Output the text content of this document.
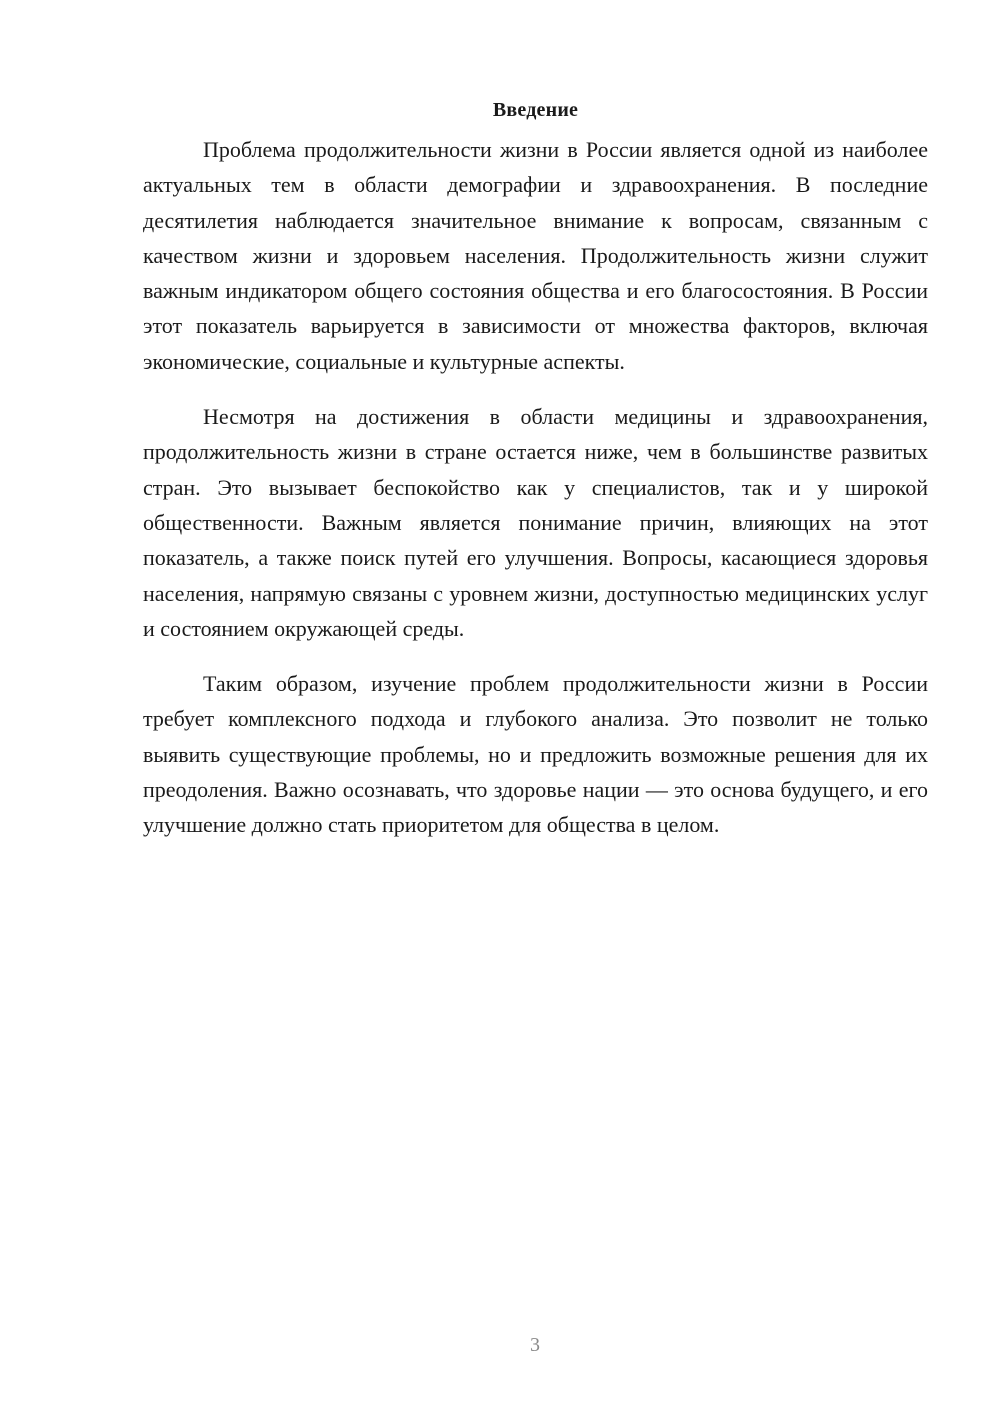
Введение

Проблема продолжительности жизни в России является одной из наиболее актуальных тем в области демографии и здравоохранения. В последние десятилетия наблюдается значительное внимание к вопросам, связанным с качеством жизни и здоровьем населения. Продолжительность жизни служит важным индикатором общего состояния общества и его благосостояния. В России этот показатель варьируется в зависимости от множества факторов, включая экономические, социальные и культурные аспекты.

Несмотря на достижения в области медицины и здравоохранения, продолжительность жизни в стране остается ниже, чем в большинстве развитых стран. Это вызывает беспокойство как у специалистов, так и у широкой общественности. Важным является понимание причин, влияющих на этот показатель, а также поиск путей его улучшения. Вопросы, касающиеся здоровья населения, напрямую связаны с уровнем жизни, доступностью медицинских услуг и состоянием окружающей среды.

Таким образом, изучение проблем продолжительности жизни в России требует комплексного подхода и глубокого анализа. Это позволит не только выявить существующие проблемы, но и предложить возможные решения для их преодоления. Важно осознавать, что здоровье нации — это основа будущего, и его улучшение должно стать приоритетом для общества в целом.

3
